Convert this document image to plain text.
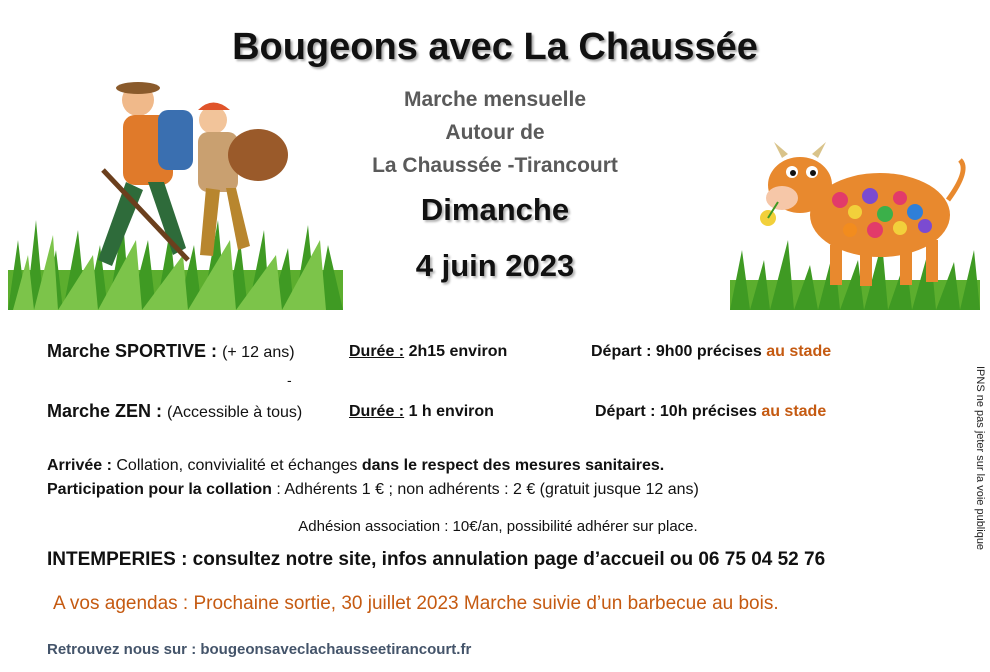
Bougeons avec La Chaussée
Marche mensuelle
Autour de
La Chaussée -Tirancourt
Dimanche
4 juin 2023
Marche SPORTIVE : (+ 12 ans)	Durée : 2h15 environ	Départ : 9h00 précises au stade
-
Marche ZEN : (Accessible à tous)	Durée : 1 h environ	Départ : 10h précises au stade
Arrivée : Collation, convivialité et échanges dans le respect des mesures sanitaires.
Participation pour la collation : Adhérents 1 € ; non adhérents : 2 € (gratuit jusque 12 ans)
Adhésion association : 10€/an, possibilité adhérer sur place.
INTEMPERIES : consultez notre site, infos annulation page d’accueil ou 06 75 04 52 76
A vos agendas : Prochaine sortie, 30 juillet 2023 Marche suivie d’un barbecue au bois.
Retrouvez nous sur : bougeonsaveclachausseetirancourt.fr
IPNS ne pas jeter sur la voie publique
